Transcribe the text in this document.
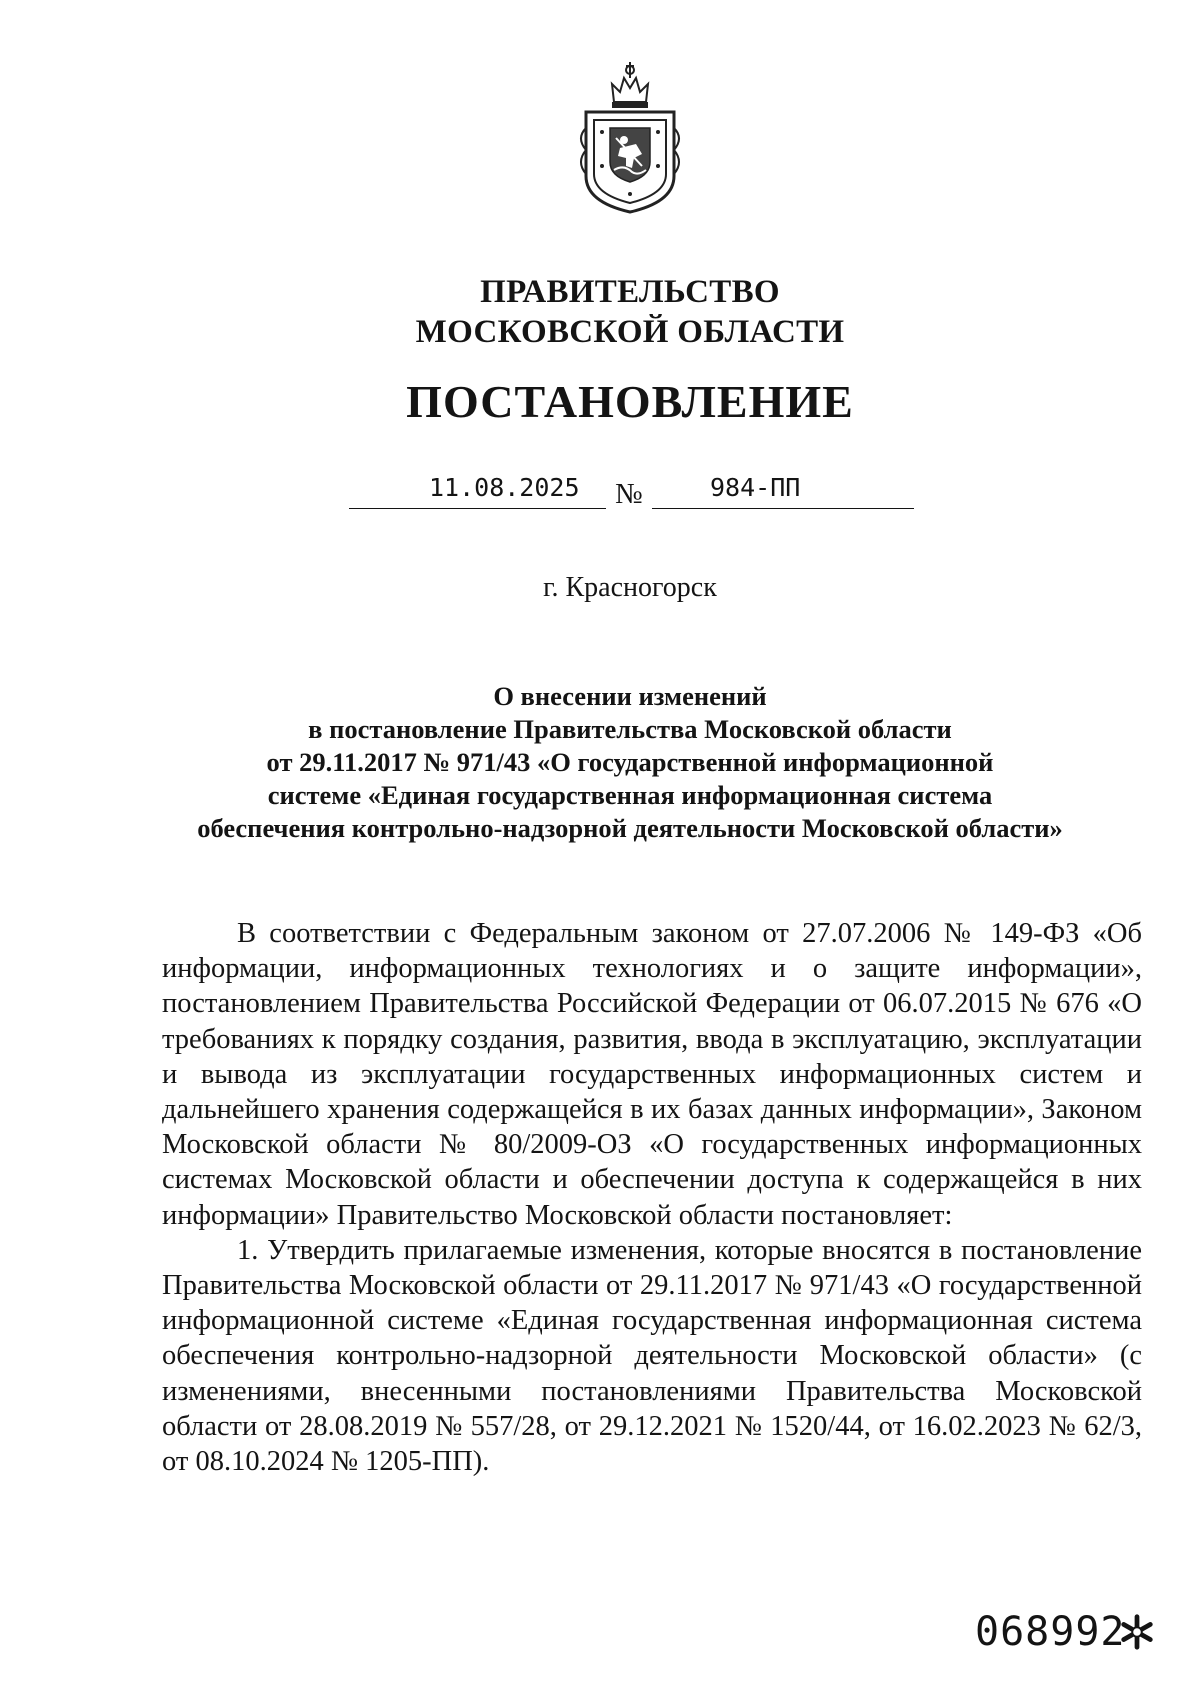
ПРАВИТЕЛЬСТВО
МОСКОВСКОЙ ОБЛАСТИ
ПОСТАНОВЛЕНИЕ
11.08.2025 №	984-ПП
г. Красногорск
О внесении изменений
в постановление Правительства Московской области
от 29.11.2017 № 971/43 «О государственной информационной
системе «Единая государственная информационная система
обеспечения контрольно-надзорной деятельности Московской области»

В соответствии с Федеральным законом от 27.07.2006 № 149-ФЗ «Об информации, информационных технологиях и о защите информации», постановлением Правительства Российской Федерации от 06.07.2015 № 676 «О требованиях к порядку создания, развития, ввода в эксплуатацию, эксплуатации и вывода из эксплуатации государственных информационных систем и дальнейшего хранения содержащейся в их базах данных информации», Законом Московской области № 80/2009-ОЗ «О государственных информационных системах Московской области и обеспечении доступа к содержащейся в них информации» Правительство Московской области постановляет:

1. Утвердить прилагаемые изменения, которые вносятся в постановление Правительства Московской области от 29.11.2017 № 971/43 «О государственной информационной системе «Единая государственная информационная система обеспечения контрольно-надзорной деятельности Московской области» (с изменениями, внесенными постановлениями Правительства Московской области от 28.08.2019 № 557/28, от 29.12.2021 № 1520/44, от 16.02.2023 № 62/3, от 08.10.2024 № 1205-ПП).

068992
